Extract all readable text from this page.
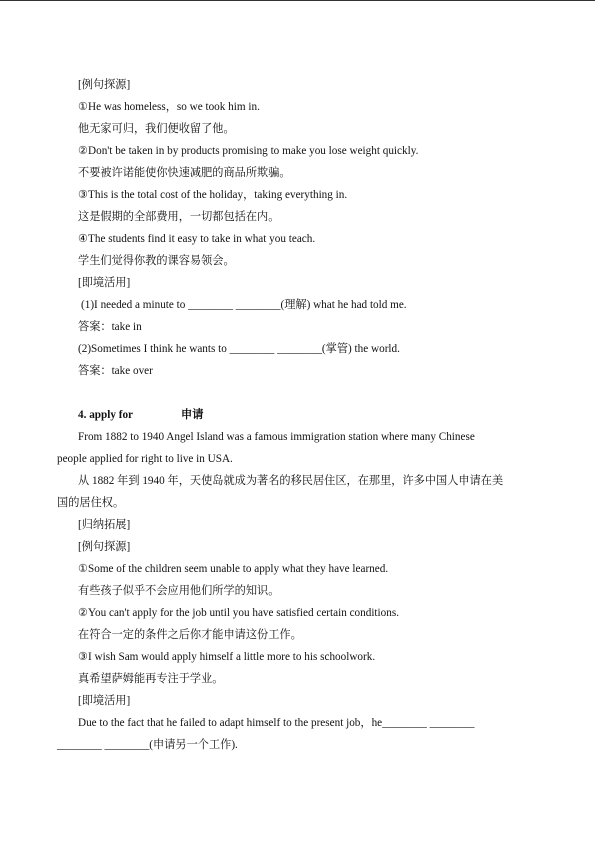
[例句探源]
①He was homeless，so we took him in.
他无家可归，我们便收留了他。
②Don't be taken in by products promising to make you lose weight quickly.
不要被许诺能使你快速减肥的商品所欺骗。
③This is the total cost of the holiday，taking everything in.
这是假期的全部费用，一切都包括在内。
④The students find it easy to take in what you teach.
学生们觉得你教的课容易领会。
[即境活用]
(1)I needed a minute to ________ ________(理解) what he had told me.
答案：take in
(2)Sometimes I think he wants to ________ ________(掌管) the world.
答案：take over
4. apply for	申请
From 1882 to 1940 Angel Island was a famous immigration station where many Chinese
people applied for right to live in USA.
从 1882 年到 1940 年，天使岛就成为著名的移民居住区，在那里，许多中国人申请在美
国的居住权。
[归纳拓展]
[例句探源]
①Some of the children seem unable to apply what they have learned.
有些孩子似乎不会应用他们所学的知识。
②You can't apply for the job until you have satisfied certain conditions.
在符合一定的条件之后你才能申请这份工作。
③I wish Sam would apply himself a little more to his schoolwork.
真希望萨姆能再专注于学业。
[即境活用]
Due to the fact that he failed to adapt himself to the present job，he________ ________
________ ________(申请另一个工作).
